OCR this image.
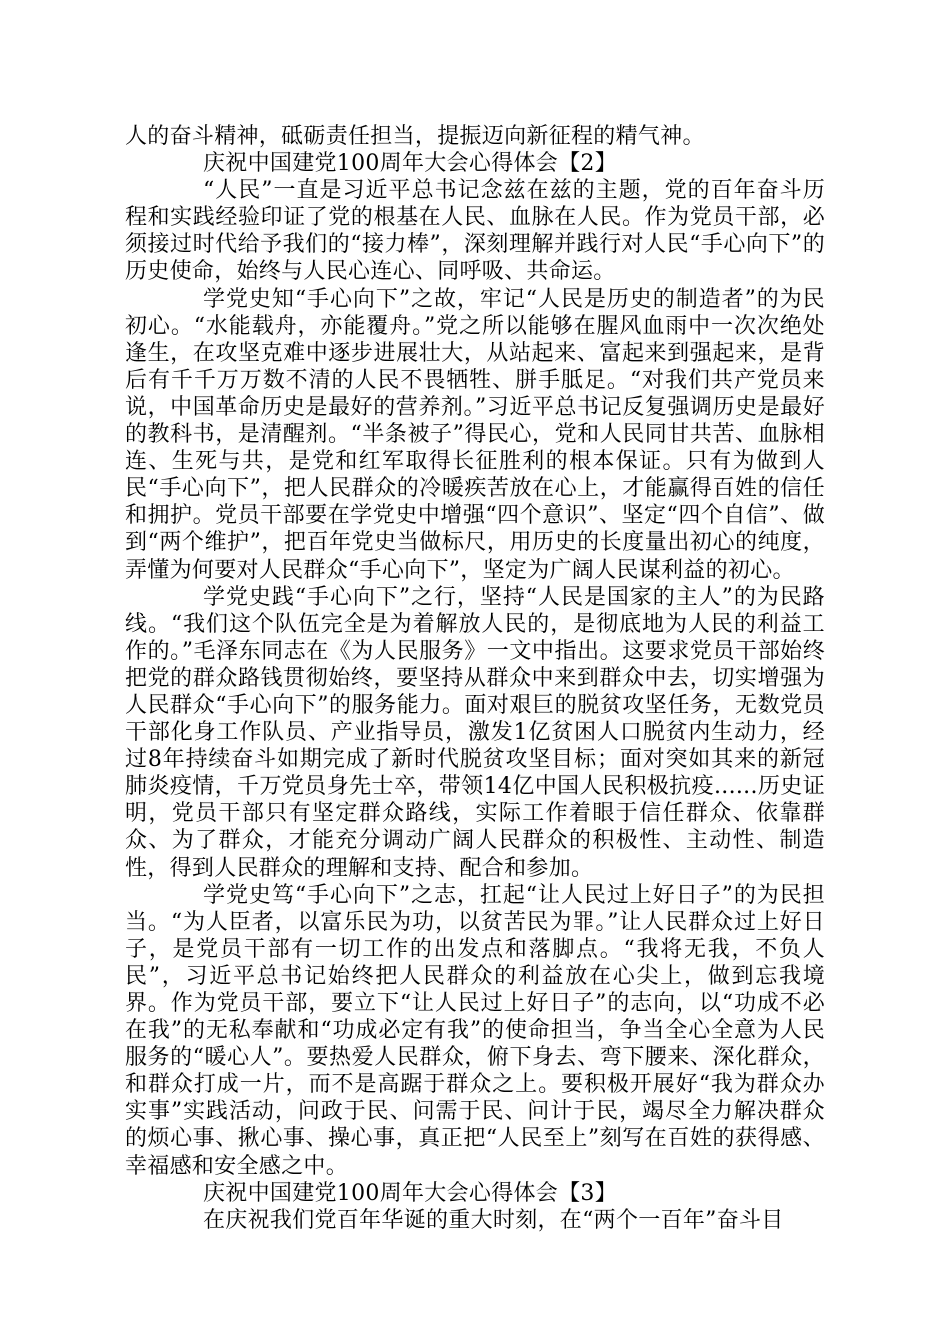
人的奋斗精神，砥砺责任担当，提振迈向新征程的精气神。

庆祝中国建党100周年大会心得体会【2】

“人民”一直是习近平总书记念兹在兹的主题，党的百年奋斗历程和实践经验印证了党的根基在人民、血脉在人民。作为党员干部，必须接过时代给予我们的“接力棒”，深刻理解并践行对人民“手心向下”的历史使命，始终与人民心连心、同呼吸、共命运。

学党史知“手心向下”之故，牢记“人民是历史的制造者”的为民初心。“水能载舟，亦能覆舟。”党之所以能够在腥风血雨中一次次绝处逢生，在攻坚克难中逐步进展壮大，从站起来、富起来到强起来，是背后有千千万万数不清的人民不畏牺牲、胼手胝足。“对我们共产党员来说，中国革命历史是最好的营养剂。”习近平总书记反复强调历史是最好的教科书，是清醒剂。“半条被子”得民心，党和人民同甘共苦、血脉相连、生死与共，是党和红军取得长征胜利的根本保证。只有为做到人民“手心向下”，把人民群众的冷暖疾苦放在心上，才能赢得百姓的信任和拥护。党员干部要在学党史中增强“四个意识”、坚定“四个自信”、做到“两个维护”，把百年党史当做标尺，用历史的长度量出初心的纯度，弄懂为何要对人民群众“手心向下”，坚定为广阔人民谋利益的初心。

学党史践“手心向下”之行，坚持“人民是国家的主人”的为民路线。“我们这个队伍完全是为着解放人民的，是彻底地为人民的利益工作的。”毛泽东同志在《为人民服务》一文中指出。这要求党员干部始终把党的群众路钱贯彻始终，要坚持从群众中来到群众中去，切实增强为人民群众“手心向下”的服务能力。面对艰巨的脱贫攻坚任务，无数党员干部化身工作队员、产业指导员，激发1亿贫困人口脱贫内生动力，经过8年持续奋斗如期完成了新时代脱贫攻坚目标；面对突如其来的新冠肺炎疫情，千万党员身先士卒，带领14亿中国人民积极抗疫......历史证明，党员干部只有坚定群众路线，实际工作着眼于信任群众、依靠群众、为了群众，才能充分调动广阔人民群众的积极性、主动性、制造性，得到人民群众的理解和支持、配合和参加。

学党史笃“手心向下”之志，扛起“让人民过上好日子”的为民担当。“为人臣者，以富乐民为功，以贫苦民为罪。”让人民群众过上好日子，是党员干部有一切工作的出发点和落脚点。“我将无我，不负人民”，习近平总书记始终把人民群众的利益放在心尖上，做到忘我境界。作为党员干部，要立下“让人民过上好日子”的志向，以“功成不必在我”的无私奉献和“功成必定有我”的使命担当，争当全心全意为人民服务的“暖心人”。要热爱人民群众，俯下身去、弯下腰来、深化群众，和群众打成一片，而不是高踞于群众之上。要积极开展好“我为群众办实事”实践活动，问政于民、问需于民、问计于民，竭尽全力解决群众的烦心事、揪心事、操心事，真正把“人民至上”刻写在百姓的获得感、幸福感和安全感之中。

庆祝中国建党100周年大会心得体会【3】

在庆祝我们党百年华诞的重大时刻，在“两个一百年”奋斗目
